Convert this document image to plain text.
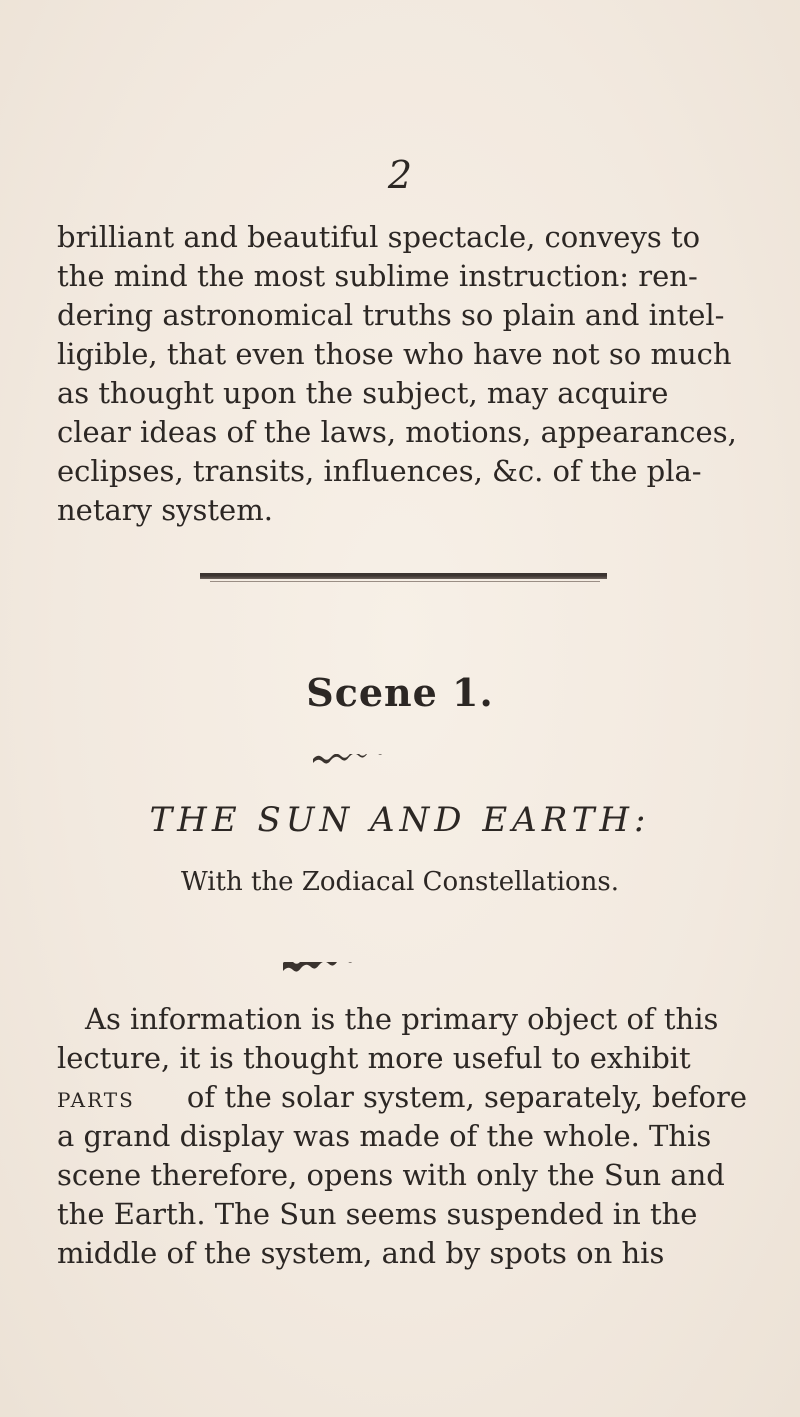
2
brilliant and beautiful spectacle, conveys to
the mind the most sublime instruction: ren-
dering astronomical truths so plain and intel-
ligible, that even those who have not so much
as thought upon the subject, may acquire
clear ideas of the laws, motions, appearances,
eclipses, transits, influences, &c. of the pla-
netary system.
Scene 1.
THE SUN AND EARTH:
With the Zodiacal Constellations.
As information is the primary object of this
lecture, it is thought more useful to exhibit
parts of the solar system, separately, before
a grand display was made of the whole. This
scene therefore, opens with only the Sun and
the Earth. The Sun seems suspended in the
middle of the system, and by spots on his
